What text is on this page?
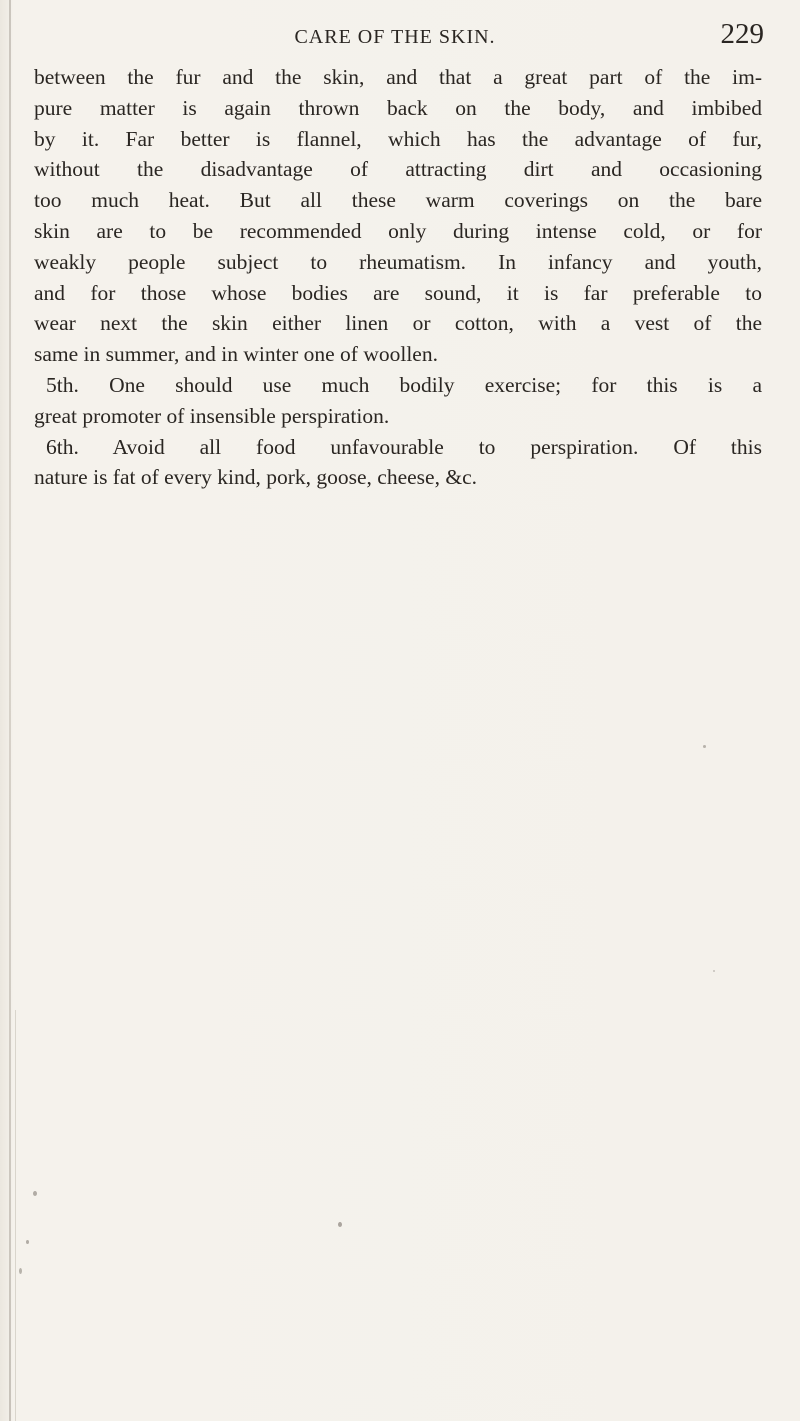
CARE OF THE SKIN.	229
between the fur and the skin, and that a great part of the im-
pure matter is again thrown back on the body, and imbibed
by it. Far better is flannel, which has the advantage of fur,
without the disadvantage of attracting dirt and occasioning
too much heat. But all these warm coverings on the bare
skin are to be recommended only during intense cold, or for
weakly people subject to rheumatism. In infancy and youth,
and for those whose bodies are sound, it is far preferable to
wear next the skin either linen or cotton, with a vest of the
same in summer, and in winter one of woollen.
5th. One should use much bodily exercise; for this is a
great promoter of insensible perspiration.
6th. Avoid all food unfavourable to perspiration. Of this
nature is fat of every kind, pork, goose, cheese, &c.
